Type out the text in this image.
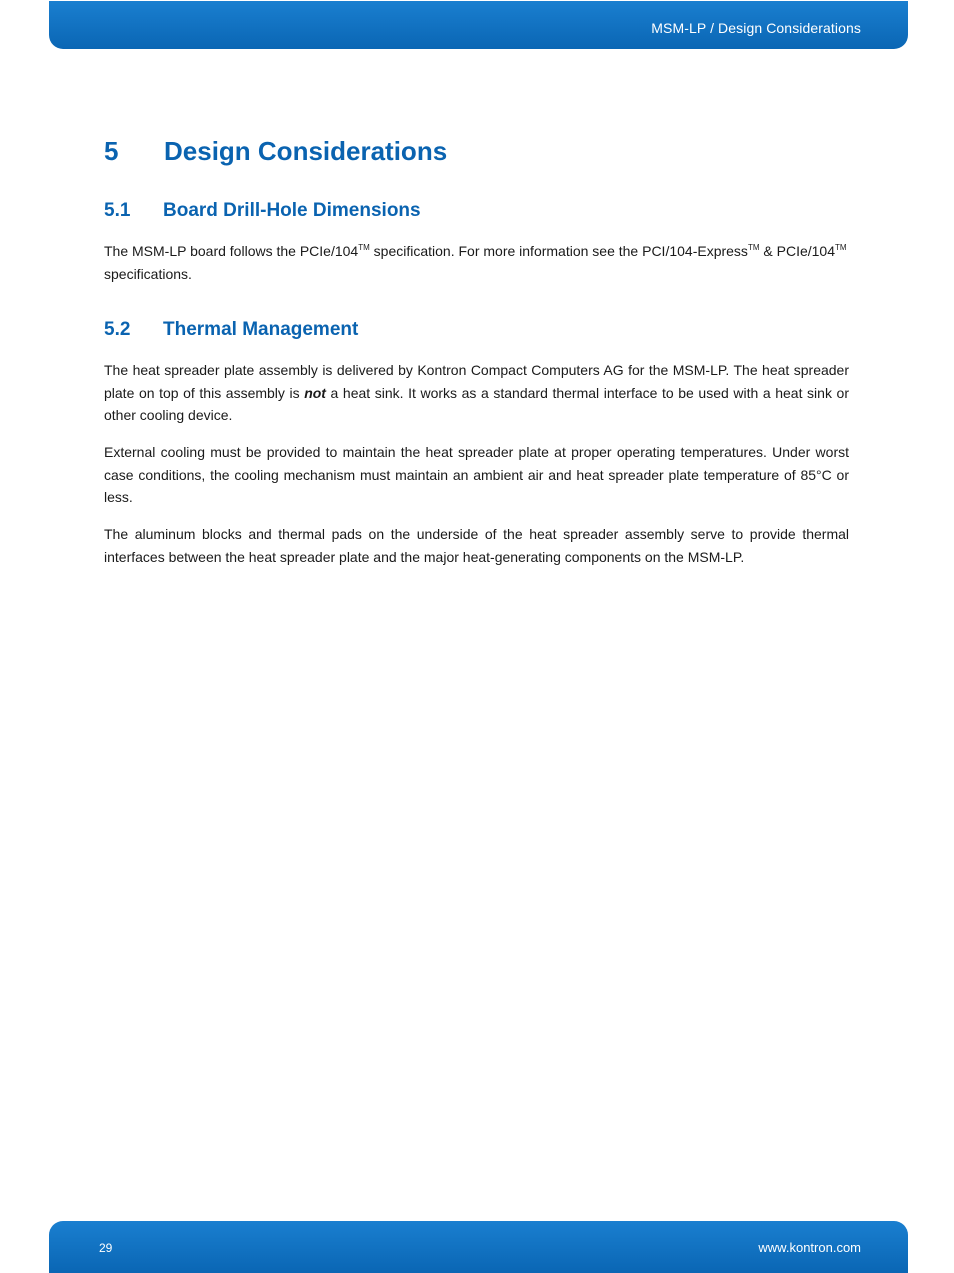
MSM-LP / Design Considerations
5 Design Considerations
5.1 Board Drill-Hole Dimensions
The MSM-LP board follows the PCIe/104™ specification. For more information see the PCI/104-Express™ & PCIe/104™
specifications.
5.2 Thermal Management
The heat spreader plate assembly is delivered by Kontron Compact Computers AG for the MSM-LP. The heat spreader plate on top of this assembly is not a heat sink. It works as a standard thermal interface to be used with a heat sink or other cooling device.
External cooling must be provided to maintain the heat spreader plate at proper operating temperatures. Under worst case conditions, the cooling mechanism must maintain an ambient air and heat spreader plate temperature of 85°C or less.
The aluminum blocks and thermal pads on the underside of the heat spreader assembly serve to provide thermal interfaces between the heat spreader plate and the major heat-generating components on the MSM-LP.
29	www.kontron.com
